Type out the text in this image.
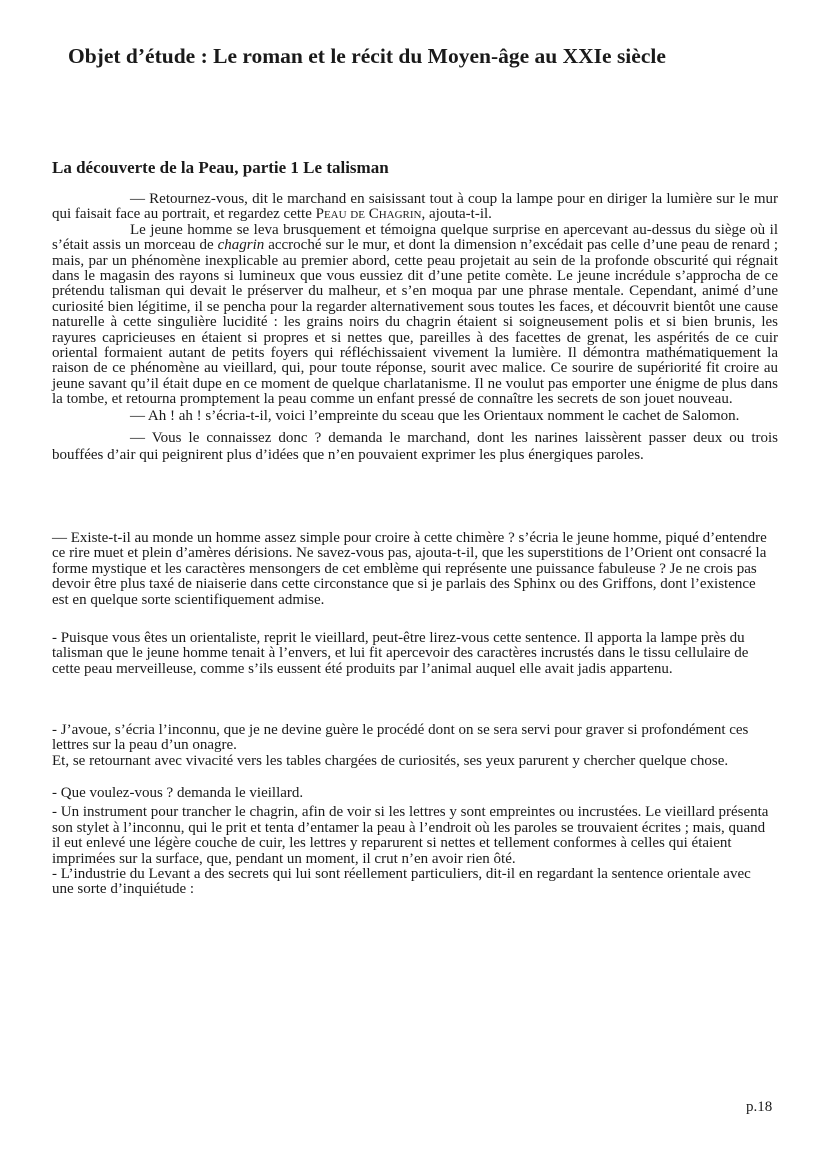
Objet d’étude : Le roman et le récit du Moyen-âge au XXIe siècle
La découverte de la Peau, partie 1 Le talisman

— Retournez-vous, dit le marchand en saisissant tout à coup la lampe pour en diriger la lumière sur le mur qui faisait face au portrait, et regardez cette Peau de Chagrin, ajouta-t-il.

Le jeune homme se leva brusquement et témoigna quelque surprise en apercevant au-dessus du siège où il s’était assis un morceau de chagrin accroché sur le mur, et dont la dimension n’excédait pas celle d’une peau de renard ; mais, par un phénomène inexplicable au premier abord, cette peau projetait au sein de la profonde obscurité qui régnait dans le magasin des rayons si lumineux que vous eussiez dit d’une petite comète. Le jeune incrédule s’approcha de ce prétendu talisman qui devait le préserver du malheur, et s’en moqua par une phrase mentale. Cependant, animé d’une curiosité bien légitime, il se pencha pour la regarder alternativement sous toutes les faces, et découvrit bientôt une cause naturelle à cette singulière lucidité : les grains noirs du chagrin étaient si soigneusement polis et si bien brunis, les rayures capricieuses en étaient si propres et si nettes que, pareilles à des facettes de grenat, les aspérités de ce cuir oriental formaient autant de petits foyers qui réfléchissaient vivement la lumière. Il démontra mathématiquement la raison de ce phénomène au vieillard, qui, pour toute réponse, sourit avec malice. Ce sourire de supériorité fit croire au jeune savant qu’il était dupe en ce moment de quelque charlatanisme. Il ne voulut pas emporter une énigme de plus dans la tombe, et retourna promptement la peau comme un enfant pressé de connaître les secrets de son jouet nouveau.

— Ah ! ah ! s’écria-t-il, voici l’empreinte du sceau que les Orientaux nomment le cachet de Salomon.

— Vous le connaissez donc ? demanda le marchand, dont les narines laissèrent passer deux ou trois bouffées d’air qui peignirent plus d’idées que n’en pouvaient exprimer les plus énergiques paroles.

— Existe-t-il au monde un homme assez simple pour croire à cette chimère ? s’écria le jeune homme, piqué d’entendre ce rire muet et plein d’amères dérisions. Ne savez-vous pas, ajouta-t-il, que les superstitions de l’Orient ont consacré la forme mystique et les caractères mensongers de cet emblème qui représente une puissance fabuleuse ? Je ne crois pas devoir être plus taxé de niaiserie dans cette circonstance que si je parlais des Sphinx ou des Griffons, dont l’existence est en quelque sorte scientifiquement admise.

- Puisque vous êtes un orientaliste, reprit le vieillard, peut-être lirez-vous cette sentence. Il apporta la lampe près du talisman que le jeune homme tenait à l’envers, et lui fit apercevoir des caractères incrustés dans le tissu cellulaire de cette peau merveilleuse, comme s’ils eussent été produits par l’animal auquel elle avait jadis appartenu.

- J’avoue, s’écria l’inconnu, que je ne devine guère le procédé dont on se sera servi pour graver si profondément ces lettres sur la peau d’un onagre.

Et, se retournant avec vivacité vers les tables chargées de curiosités, ses yeux parurent y chercher quelque chose.

- Que voulez-vous ? demanda le vieillard.

- Un instrument pour trancher le chagrin, afin de voir si les lettres y sont empreintes ou incrustées. Le vieillard présenta son stylet à l’inconnu, qui le prit et tenta d’entamer la peau à l’endroit où les paroles se trouvaient écrites ; mais, quand il eut enlevé une légère couche de cuir, les lettres y reparurent si nettes et tellement conformes à celles qui étaient imprimées sur la surface, que, pendant un moment, il crut n’en avoir rien ôté.

- L’industrie du Levant a des secrets qui lui sont réellement particuliers, dit-il en regardant la sentence orientale avec une sorte d’inquiétude :

p.18
